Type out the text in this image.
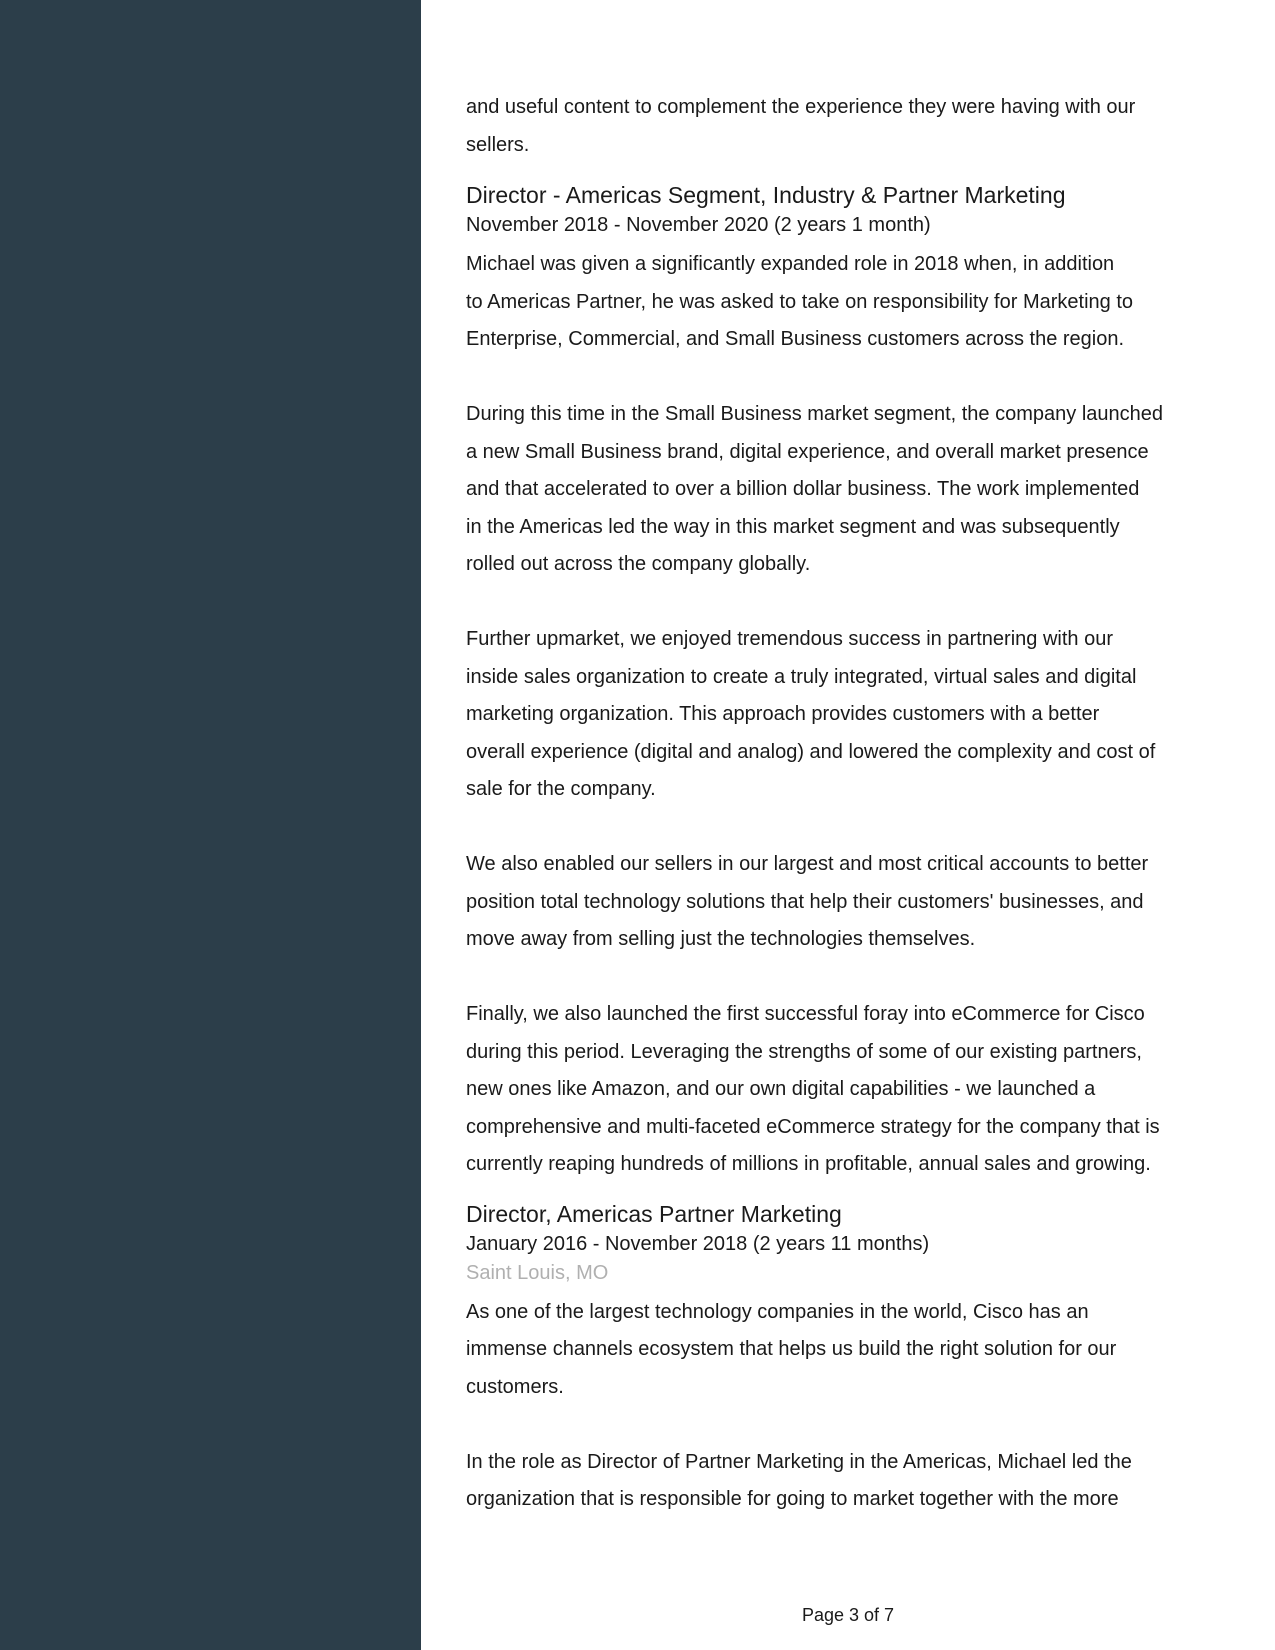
and useful content to complement the experience they were having with our
sellers.

Director - Americas Segment, Industry & Partner Marketing

November 2018 - November 2020 (2 years 1 month)

Michael was given a significantly expanded role in 2018 when, in addition
to Americas Partner, he was asked to take on responsibility for Marketing to
Enterprise, Commercial, and Small Business customers across the region.

During this time in the Small Business market segment, the company launched
a new Small Business brand, digital experience, and overall market presence
and that accelerated to over a billion dollar business. The work implemented
in the Americas led the way in this market segment and was subsequently
rolled out across the company globally.

Further upmarket, we enjoyed tremendous success in partnering with our
inside sales organization to create a truly integrated, virtual sales and digital
marketing organization. This approach provides customers with a better
overall experience (digital and analog) and lowered the complexity and cost of
sale for the company.

We also enabled our sellers in our largest and most critical accounts to better
position total technology solutions that help their customers' businesses, and
move away from selling just the technologies themselves.

Finally, we also launched the first successful foray into eCommerce for Cisco
during this period. Leveraging the strengths of some of our existing partners,
new ones like Amazon, and our own digital capabilities - we launched a
comprehensive and multi-faceted eCommerce strategy for the company that is
currently reaping hundreds of millions in profitable, annual sales and growing.

Director, Americas Partner Marketing

January 2016 - November 2018 (2 years 11 months)

Saint Louis, MO

As one of the largest technology companies in the world, Cisco has an
immense channels ecosystem that helps us build the right solution for our
customers.

In the role as Director of Partner Marketing in the Americas, Michael led the
organization that is responsible for going to market together with the more

Page 3 of 7
